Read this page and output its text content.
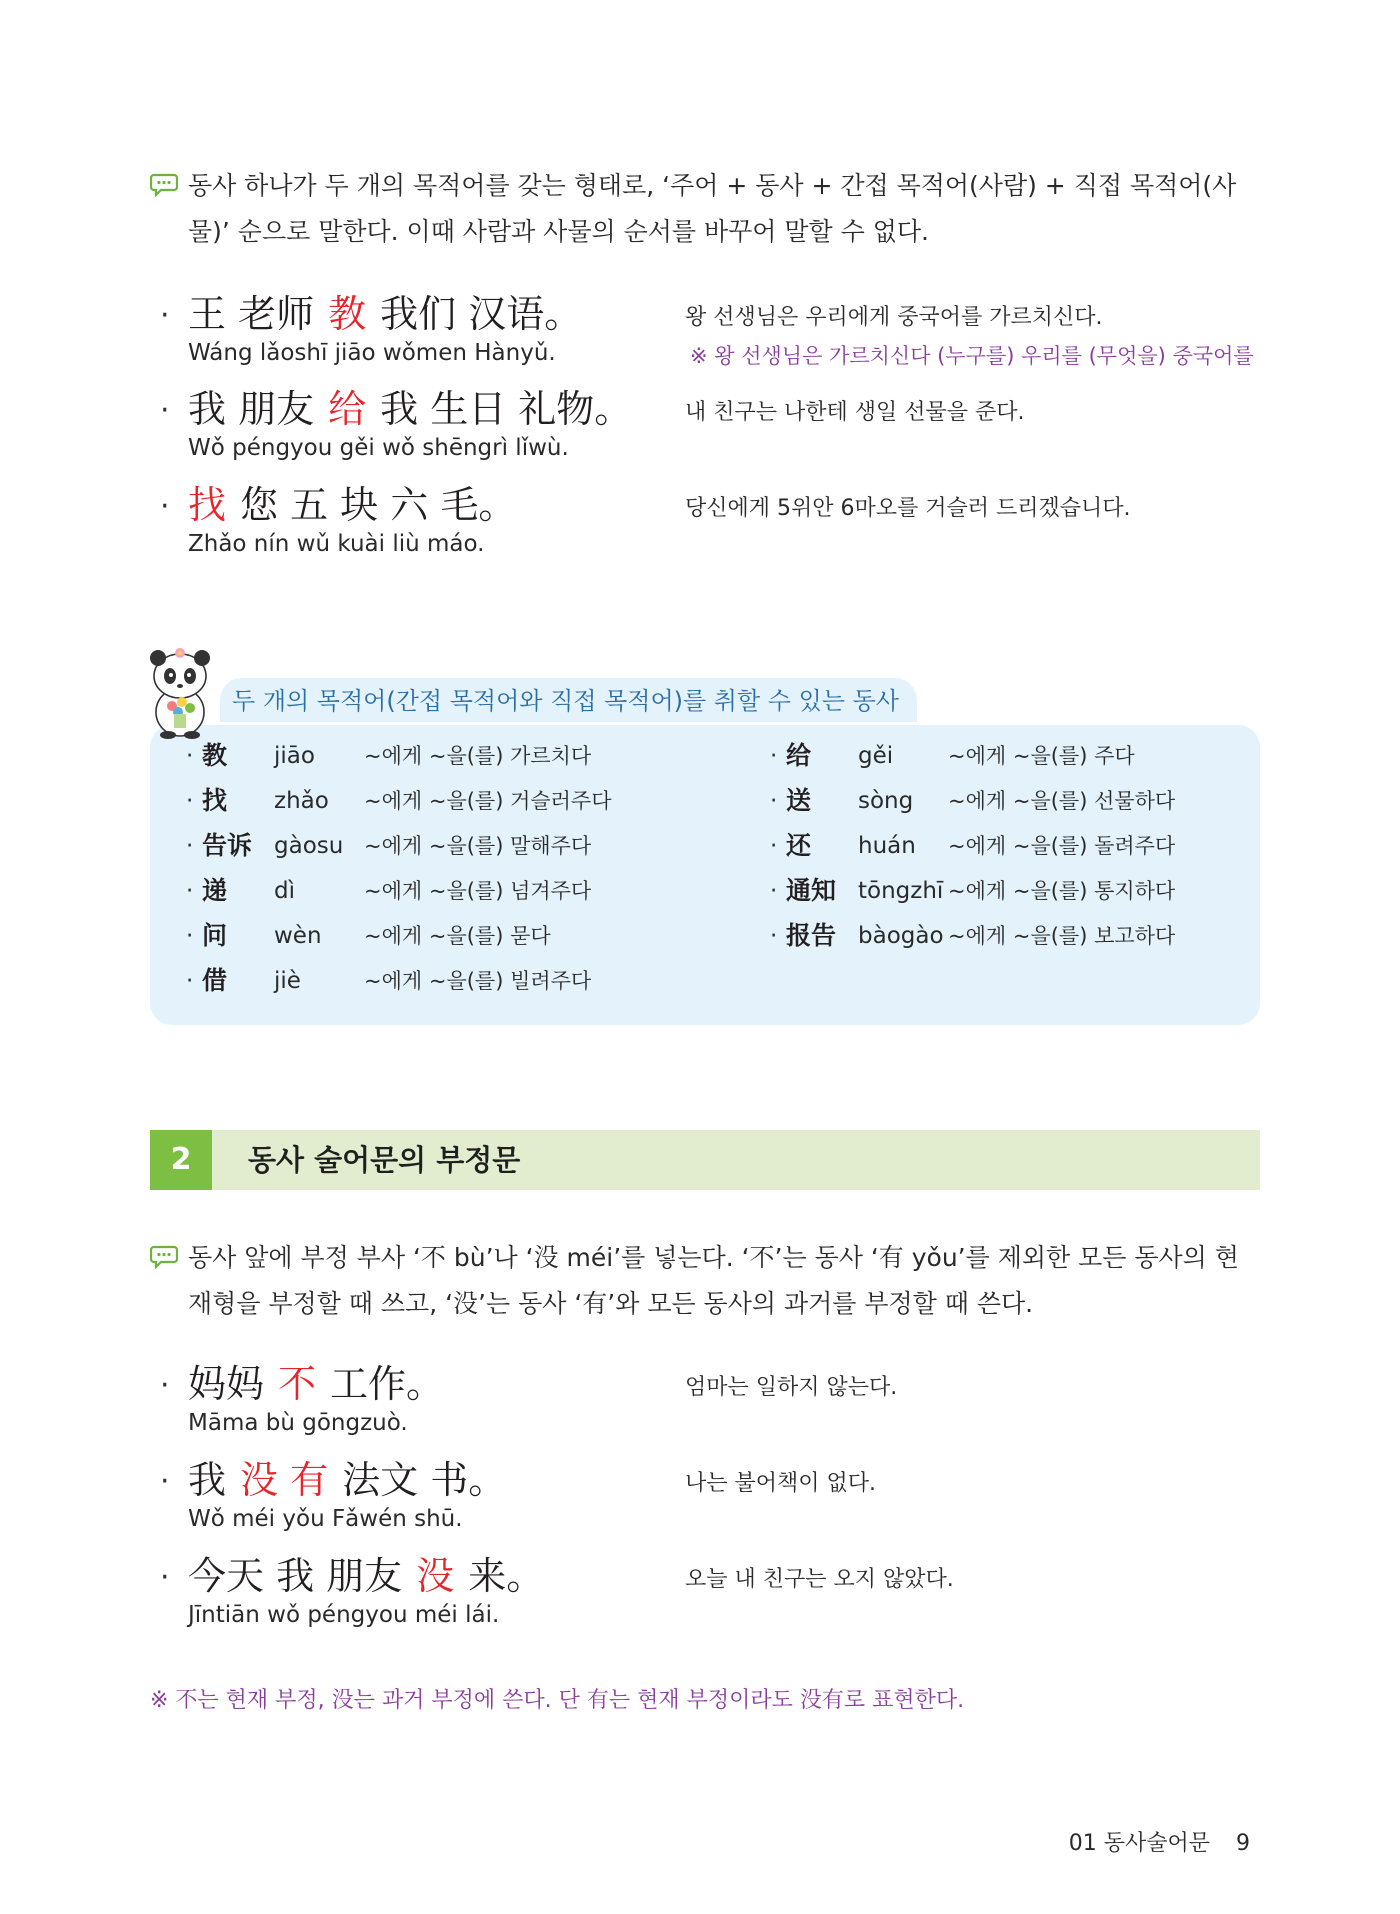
동사 하나가 두 개의 목적어를 갖는 형태로, ‘주어 + 동사 + 간접 목적어(사람) + 직접 목적어(사
물)’ 순으로 말한다. 이때 사람과 사물의 순서를 바꾸어 말할 수 없다.
· 王 老师 教 我们 汉语。
Wáng lǎoshī jiāo wǒmen Hànyǔ.
왕 선생님은 우리에게 중국어를 가르치신다.
※ 왕 선생님은 가르치신다 (누구를) 우리를 (무엇을) 중국어를
· 我 朋友 给 我 生日 礼物。
Wǒ péngyou gěi wǒ shēngrì lǐwù.
내 친구는 나한테 생일 선물을 준다.
· 找 您 五 块 六 毛。
Zhǎo nín wǔ kuài liù máo.
당신에게 5위안 6마오를 거슬러 드리겠습니다.
· 教 jiāo ~에게 ~을(를) 가르치다
· 找 zhǎo ~에게 ~을(를) 거슬러주다
· 告诉 gàosu ~에게 ~을(를) 말해주다
· 递 dì	~에게 ~을(를) 넘겨주다
· 问 wèn ~에게 ~을(를) 묻다
· 借 jiè	~에게 ~을(를) 빌려주다
· 给 gěi	~에게 ~을(를) 주다
· 送 sòng ~에게 ~을(를) 선물하다
· 还 huán ~에게 ~을(를) 돌려주다
· 通知 tōngzhī ~에게 ~을(를) 통지하다
· 报告 bàogào ~에게 ~을(를) 보고하다
두 개의 목적어(간접 목적어와 직접 목적어)를 취할 수 있는 동사
2	동사 술어문의 부정문
동사 앞에 부정 부사 ‘不 bù’나 ‘没 méi’를 넣는다. ‘不’는 동사 ‘有 yǒu’를 제외한 모든 동사의 현
재형을 부정할 때 쓰고, ‘没’는 동사 ‘有’와 모든 동사의 과거를 부정할 때 쓴다.
· 妈妈 不 工作。
Māma bù gōngzuò.
엄마는 일하지 않는다.
· 我 没 有 法文 书。
Wǒ méi yǒu Fǎwén shū.
나는 불어책이 없다.
· 今天 我 朋友 没 来。
Jīntiān wǒ péngyou méi lái.
오늘 내 친구는 오지 않았다.
※ 不는 현재 부정, 没는 과거 부정에 쓴다. 단 有는 현재 부정이라도 没有로 표현한다.
01 동사술어문 9
